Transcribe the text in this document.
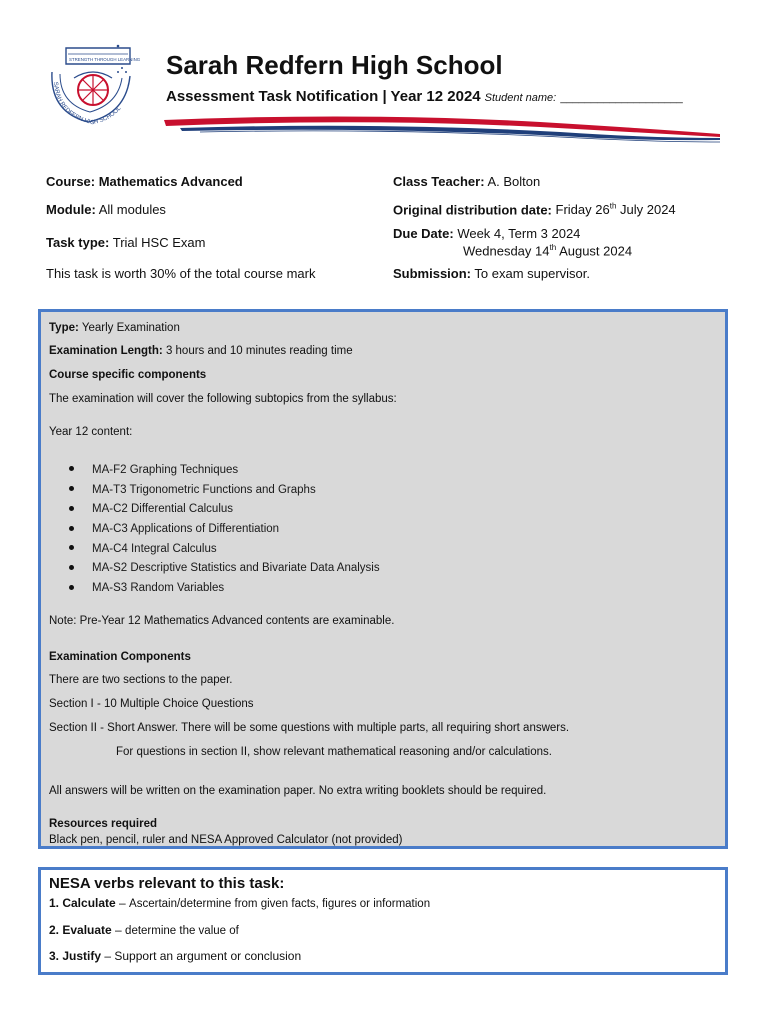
STRENGTH THROUGH LEARNING
SARAH REDFERN HIGH SCHOOL
Sarah Redfern High School
Assessment Task Notification | Year 12 2024 Student name: ____________________
Course: Mathematics Advanced
Module: All modules
Task type: Trial HSC Exam
This task is worth 30% of the total course mark
Class Teacher: A. Bolton
Original distribution date: Friday 26th July 2024
Due Date: Week 4, Term 3 2024
Wednesday 14th August 2024
Submission: To exam supervisor.
Type: Yearly Examination
Examination Length: 3 hours and 10 minutes reading time
Course specific components
The examination will cover the following subtopics from the syllabus:
Year 12 content:
MA-F2 Graphing Techniques
MA-T3 Trigonometric Functions and Graphs
MA-C2 Differential Calculus
MA-C3 Applications of Differentiation
MA-C4 Integral Calculus
MA-S2 Descriptive Statistics and Bivariate Data Analysis
MA-S3 Random Variables
Note: Pre-Year 12 Mathematics Advanced contents are examinable.
Examination Components
There are two sections to the paper.
Section I - 10 Multiple Choice Questions
Section II - Short Answer. There will be some questions with multiple parts, all requiring short answers.
For questions in section II, show relevant mathematical reasoning and/or calculations.
All answers will be written on the examination paper. No extra writing booklets should be required.
Resources required
Black pen, pencil, ruler and NESA Approved Calculator (not provided)
NESA verbs relevant to this task:
1. Calculate – Ascertain/determine from given facts, figures or information
2. Evaluate – determine the value of
3. Justify – Support an argument or conclusion
